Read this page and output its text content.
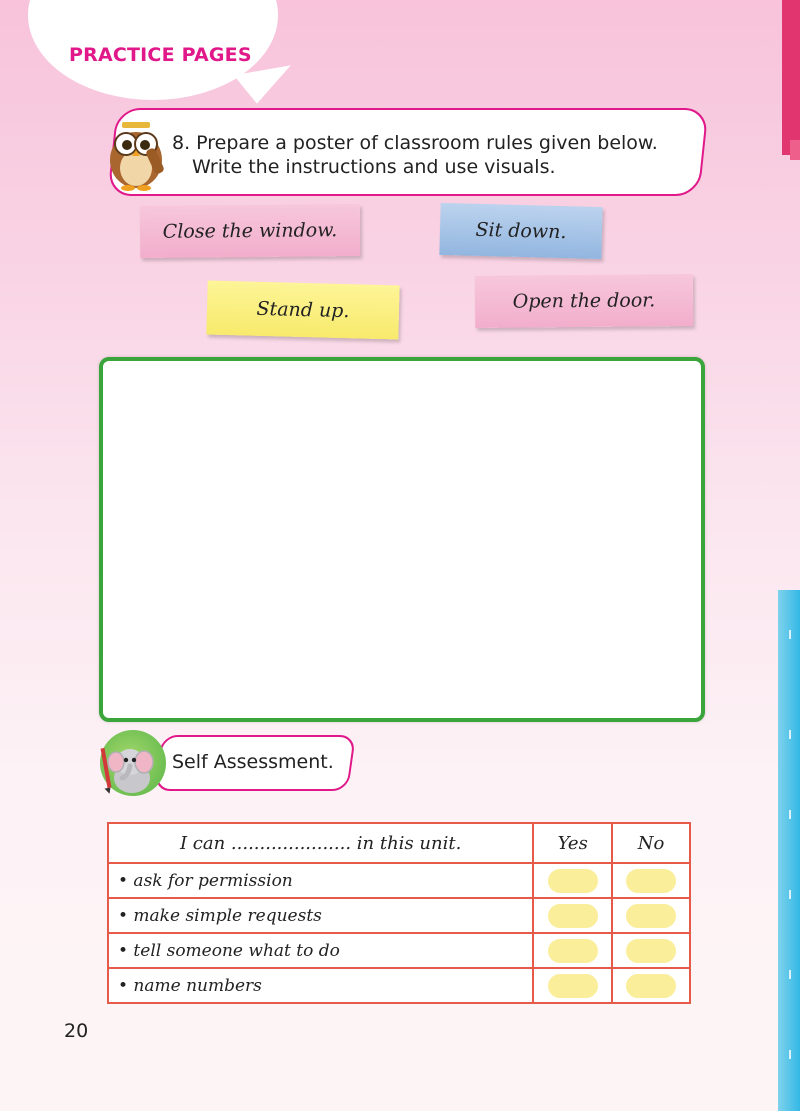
PRACTICE PAGES

8. Prepare a poster of classroom rules given below.
Write the instructions and use visuals.

Close the window.	Sit down.
Stand up.	Open the door.

Self Assessment.

I can ..................... in this unit.	Yes	No
• ask for permission	

• make simple requests	

• tell someone what to do	

• name numbers	

20
